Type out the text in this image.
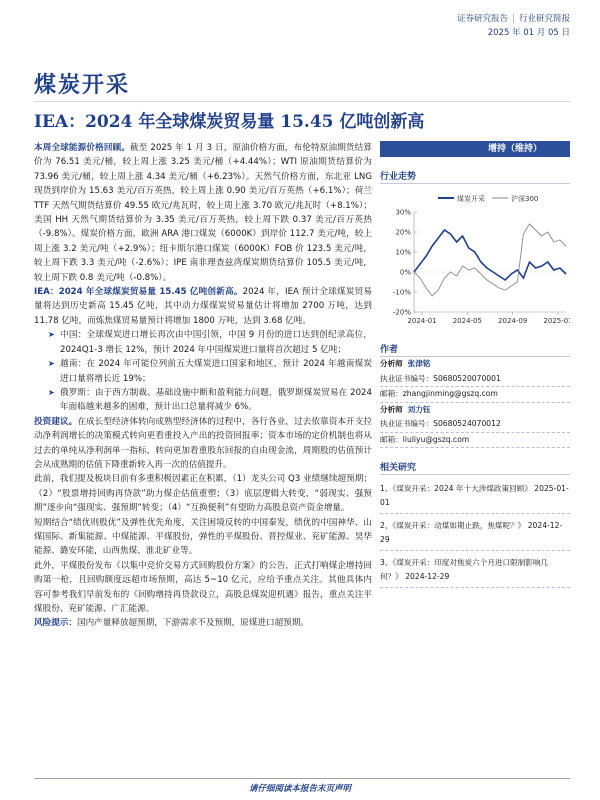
证券研究报告 | 行业研究简报
2025 年 01 月 05 日
煤炭开采
IEA：2024 年全球煤炭贸易量 15.45 亿吨创新高

本周全球能源价格回顾。截至 2025 年 1 月 3 日，原油价格方面，布伦特原油期货结算价为 76.51 美元/桶，较上周上涨 3.25 美元/桶（+4.44%）；WTI 原油期货结算价为 73.96 美元/桶，较上周上涨 4.34 美元/桶（+6.23%）。天然气价格方面，东北亚 LNG 现货到岸价为 15.63 美元/百万英热，较上周上涨 0.90 美元/百万英热（+6.1%）；荷兰 TTF 天然气期货结算价 49.55 欧元/兆瓦时，较上周上涨 3.70 欧元/兆瓦时（+8.1%）；美国 HH 天然气期货结算价为 3.35 美元/百万英热，较上周下跌 0.37 美元/百万英热（-9.8%）。煤炭价格方面，欧洲 ARA 港口煤炭（6000K）到岸价 112.7 美元/吨，较上周上涨 3.2 美元/吨（+2.9%）；纽卡斯尔港口煤炭（6000K）FOB 价 123.5 美元/吨，较上周下跌 3.3 美元/吨（-2.6%）；IPE 南非理查兹湾煤炭期货结算价 105.5 美元/吨，较上周下跌 0.8 美元/吨（-0.8%）。

IEA：2024 年全球煤炭贸易量 15.45 亿吨创新高。2024 年，IEA 预计全球煤炭贸易量将达到历史新高 15.45 亿吨，其中动力煤煤炭贸易量估计将增加 2700 万吨，达到 11.78 亿吨，而炼焦煤贸易量预计将增加 1800 万吨，达到 3.68 亿吨。

➤ 中国：全球煤炭进口增长再次由中国引领，中国 9 月份的进口达到创纪录高位，2024Q1-3 增长 12%，预计 2024 年中国煤炭进口量将首次超过 5 亿吨；
➤ 越南：在 2024 年可能位列前五大煤炭进口国家和地区，预计 2024 年越南煤炭进口量将增长近 19%；
➤ 俄罗斯：由于西方制裁、基础设施中断和盈利能力问题，俄罗斯煤炭贸易在 2024 年面临越来越多的困难，预计出口总量将减少 6%。

投资建议。在成长型经济体转向成熟型经济体的过程中，各行各业，过去依靠资本开支拉动净利润增长的决策模式转向更看重投入产出的投资回报率；资本市场的定价机制也将从过去的单纯从净利润单一指标，转向更加看重股东回报的自由现金流，周期股的估值预计会从成熟期的估值下降重新转入再一次的估值提升。

此前，我们提及板块目前有多重积极因素正在积累，（1）龙头公司 Q3 业绩继续超预期；（2）“股票增持回购再贷款”助力煤企估值重塑；（3）底层逻辑大转变，“弱现实、强预期”逐步向“强现实、强预期”转变；（4）“互换便利”有望助力高股息资产资金增量。

短期结合“绩优则股优”及弹性优先角度，关注困境反转的中国秦发，绩优的中国神华、山煤国际、新集能源、中煤能源、平煤股份，弹性的平煤股份、晋控煤业、兖矿能源、昊华能源、潞安环能，山西焦煤、淮北矿业等。

此外，平煤股份发布《以集中竞价交易方式回购股份方案》的公告，正式打响煤企增持回购第一枪，且回购额度远超市场预期，高达 5~10 亿元，应给予重点关注。其他具体内容可参考我们早前发布的《回购增持再贷款设立，高股息煤炭迎机遇》报告，重点关注平煤股份、兖矿能源、广汇能源。

风险提示：国内产量释放超预期，下游需求不及预期，原煤进口超预期。

增持（维持）
行业走势
煤炭开采	沪深300
30%
20%
10%
0%
-10%
-20%
2024-01 2024-05 2024-09 2025-01
作者
分析师 张津铭
执业证书编号：S0680520070001
邮箱：zhangjinming@gszq.com
分析师 刘力钰
执业证书编号：S0680524070012
邮箱：liuliyu@gszq.com
相关研究
1、《煤炭开采：2024 年十大涉煤政策回顾》 2025-01-01
2、《煤炭开采：动煤如期止跌，焦煤呢？》 2024-12-29
3、《煤炭开采：印度对焦炭六个月进口限制影响几何？》 2024-12-29
请仔细阅读本报告末页声明
